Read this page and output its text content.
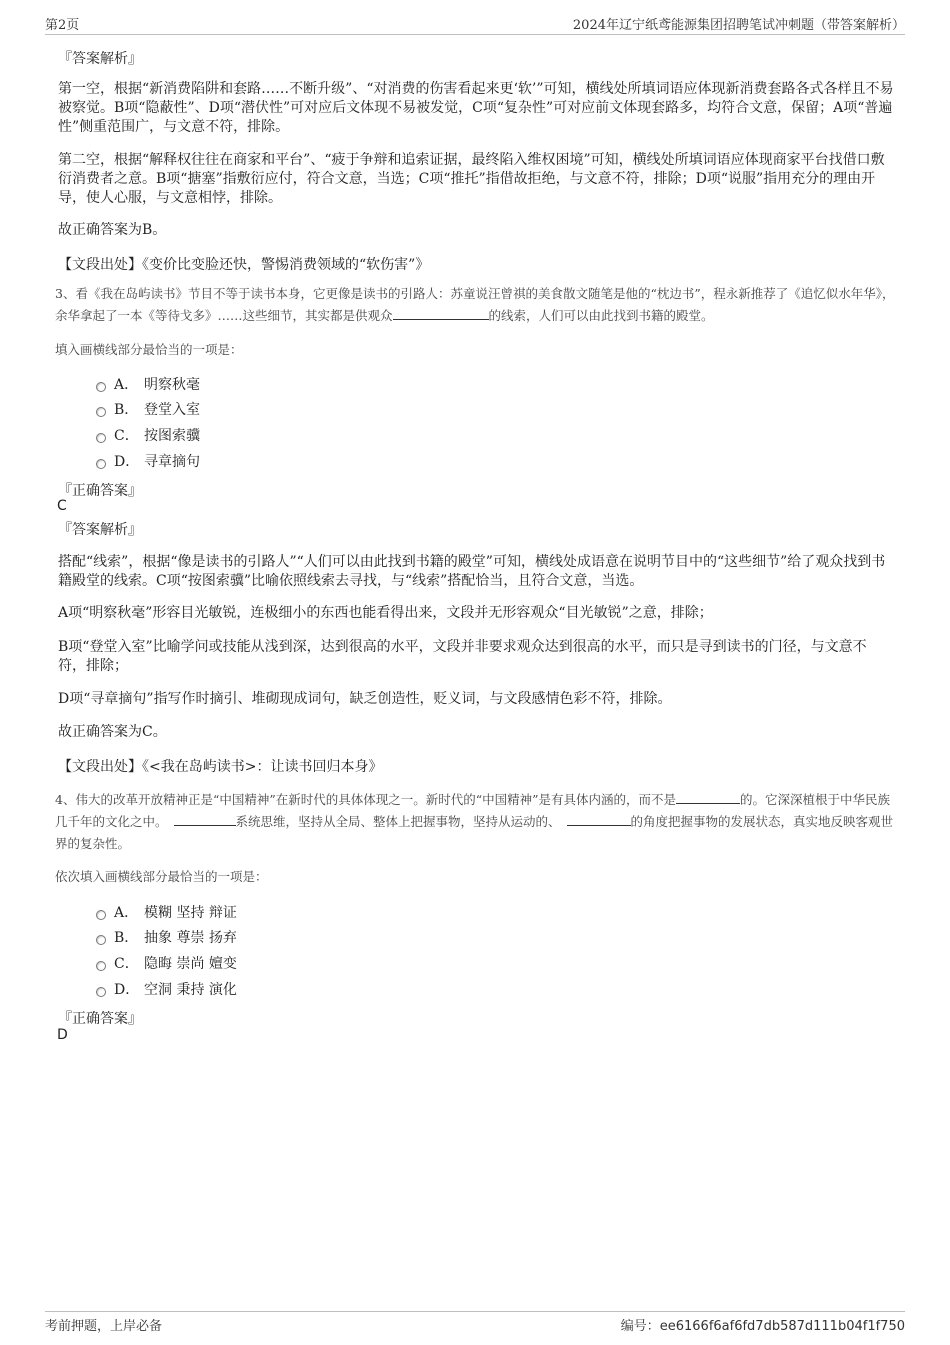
第2页	2024年辽宁纸鸢能源集团招聘笔试冲刺题（带答案解析）
『答案解析』
第一空，根据“新消费陷阱和套路……不断升级”、“对消费的伤害看起来更‘软’”可知，横线处所填词语应体现新消费套路各式各样且不易被察觉。B项“隐蔽性”、D项“潜伏性”可对应后文体现不易被发觉，C项“复杂性”可对应前文体现套路多，均符合文意，保留；A项“普遍性”侧重范围广，与文意不符，排除。
第二空，根据“解释权往往在商家和平台”、“疲于争辩和追索证据，最终陷入维权困境”可知，横线处所填词语应体现商家平台找借口敷衍消费者之意。B项“搪塞”指敷衍应付，符合文意，当选；C项“推托”指借故拒绝，与文意不符，排除；D项“说服”指用充分的理由开导，使人心服，与文意相悖，排除。
故正确答案为B。
【文段出处】《变价比变脸还快，警惕消费领域的“软伤害”》
3、看《我在岛屿读书》节目不等于读书本身，它更像是读书的引路人：苏童说汪曾祺的美食散文随笔是他的“枕边书”，程永新推荐了《追忆似水年华》，余华拿起了一本《等待戈多》……这些细节，其实都是供观众	的线索，人们可以由此找到书籍的殿堂。
填入画横线部分最恰当的一项是：
A． 明察秋毫
B． 登堂入室
C． 按图索骥
D． 寻章摘句
『正确答案』
C
『答案解析』
搭配“线索”，根据“像是读书的引路人”“人们可以由此找到书籍的殿堂”可知，横线处成语意在说明节目中的“这些细节”给了观众找到书籍殿堂的线索。C项“按图索骥”比喻依照线索去寻找，与“线索”搭配恰当，且符合文意，当选。
A项“明察秋毫”形容目光敏锐，连极细小的东西也能看得出来，文段并无形容观众“目光敏锐”之意，排除；
B项“登堂入室”比喻学问或技能从浅到深，达到很高的水平，文段并非要求观众达到很高的水平，而只是寻到读书的门径，与文意不符，排除；
D项“寻章摘句”指写作时摘引、堆砌现成词句，缺乏创造性，贬义词，与文段感情色彩不符，排除。
故正确答案为C。
【文段出处】《<我在岛屿读书>：让读书回归本身》
4、伟大的改革开放精神正是“中国精神”在新时代的具体体现之一。新时代的“中国精神”是有具体内涵的，而不是	的。它深深植根于中华民族几千年的文化之中。	系统思维，坚持从全局、整体上把握事物，坚持从运动的、	的角度把握事物的发展状态，真实地反映客观世界的复杂性。
依次填入画横线部分最恰当的一项是：
A． 模糊 坚持 辩证
B． 抽象 尊崇 扬弃
C． 隐晦 崇尚 嬗变
D． 空洞 秉持 演化
『正确答案』
D
考前押题，上岸必备	编号：ee6166f6af6fd7db587d111b04f1f750
